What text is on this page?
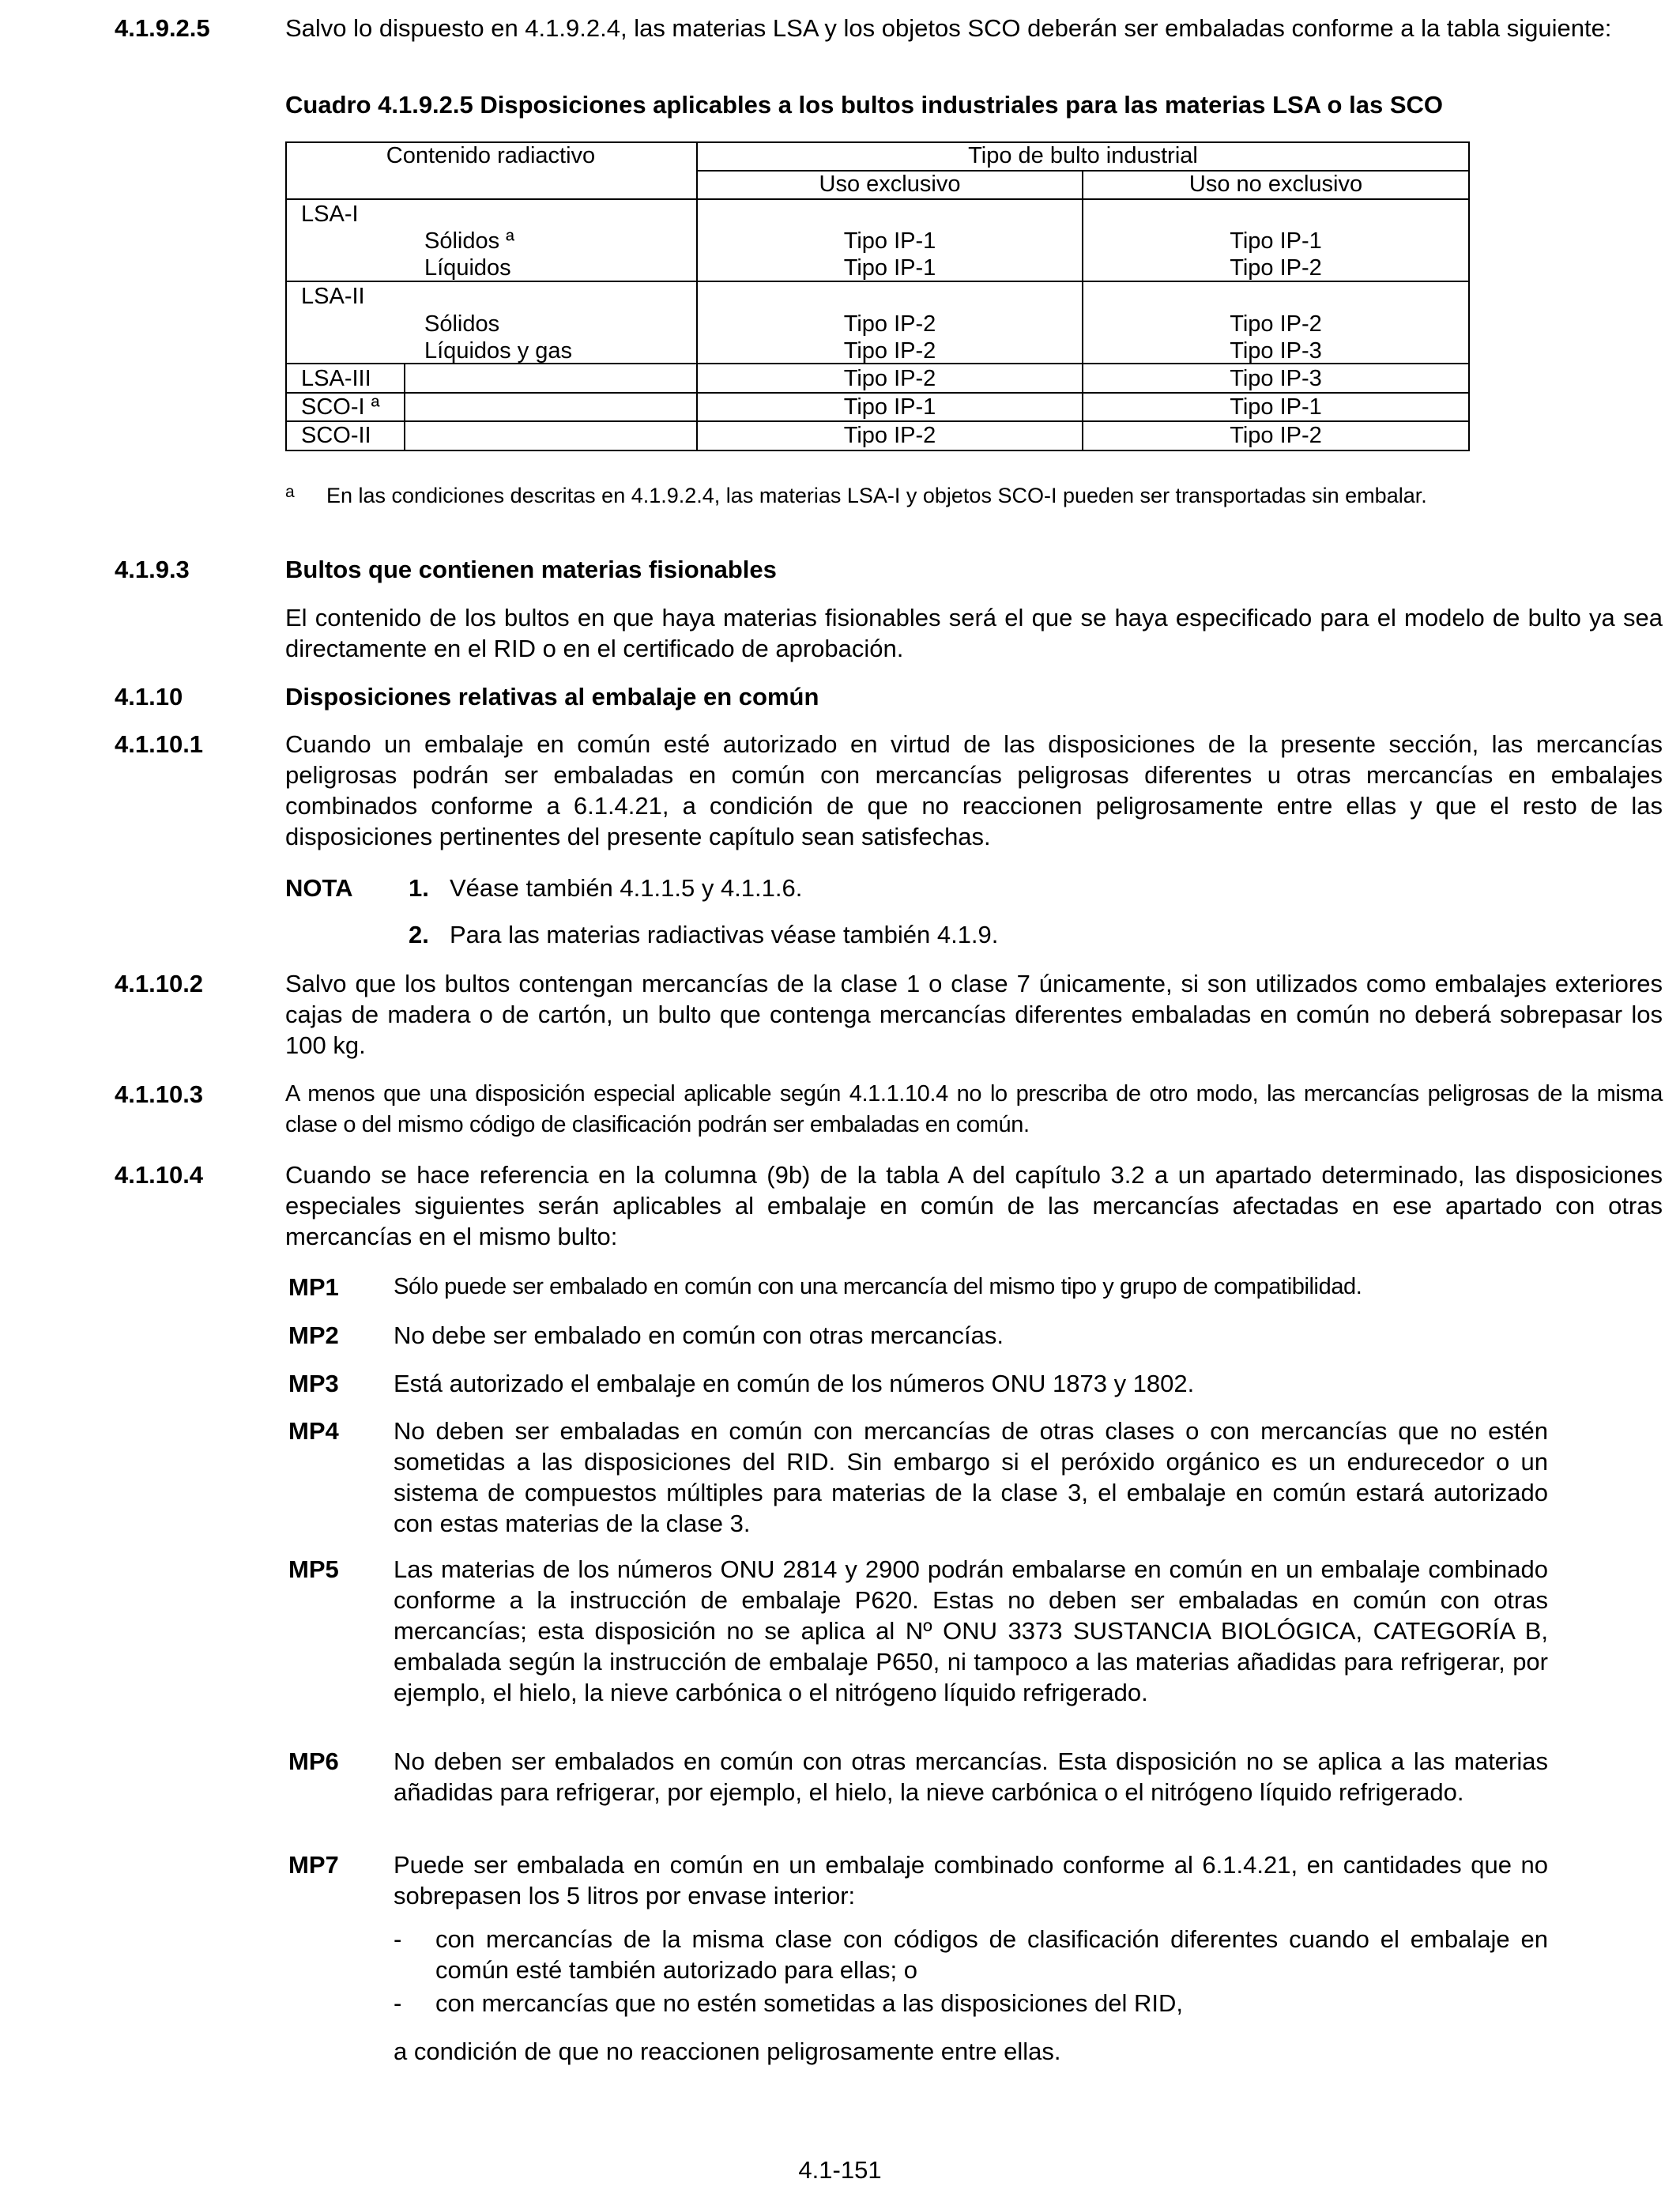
4.1.9.2.5	Salvo lo dispuesto en 4.1.9.2.4, las materias LSA y los objetos SCO deberán ser embaladas conforme a la tabla siguiente:
Cuadro 4.1.9.2.5 Disposiciones aplicables a los bultos industriales para las materias LSA o las SCO
Contenido radiactivo	Tipo de bulto industrial
Uso exclusivo	Uso no exclusivo
LSA-I
Sólidos ª	Tipo IP-1	Tipo IP-1
Líquidos	Tipo IP-1	Tipo IP-2
LSA-II
Sólidos	Tipo IP-2	Tipo IP-2
Líquidos y gas	Tipo IP-2	Tipo IP-3
LSA-III	Tipo IP-2	Tipo IP-3
SCO-I ª	Tipo IP-1	Tipo IP-1
SCO-II	Tipo IP-2	Tipo IP-2
a En las condiciones descritas en 4.1.9.2.4, las materias LSA-I y objetos SCO-I pueden ser transportadas sin embalar.
4.1.9.3	Bultos que contienen materias fisionables
El contenido de los bultos en que haya materias fisionables será el que se haya especificado para el modelo de bulto ya sea directamente en el RID o en el certificado de aprobación.
4.1.10	Disposiciones relativas al embalaje en común
4.1.10.1	Cuando un embalaje en común esté autorizado en virtud de las disposiciones de la presente sección, las mercancías peligrosas podrán ser embaladas en común con mercancías peligrosas diferentes u otras mercancías en embalajes combinados conforme a 6.1.4.21, a condición de que no reaccionen peligrosamente entre ellas y que el resto de las disposiciones pertinentes del presente capítulo sean satisfechas.
NOTA 1. Véase también 4.1.1.5 y 4.1.1.6.
2. Para las materias radiactivas véase también 4.1.9.
4.1.10.2	Salvo que los bultos contengan mercancías de la clase 1 o clase 7 únicamente, si son utilizados como embalajes exteriores cajas de madera o de cartón, un bulto que contenga mercancías diferentes embaladas en común no deberá sobrepasar los 100 kg.
4.1.10.3	A menos que una disposición especial aplicable según 4.1.1.10.4 no lo prescriba de otro modo, las mercancías peligrosas de la misma clase o del mismo código de clasificación podrán ser embaladas en común.
4.1.10.4	Cuando se hace referencia en la columna (9b) de la tabla A del capítulo 3.2 a un apartado determinado, las disposiciones especiales siguientes serán aplicables al embalaje en común de las mercancías afectadas en ese apartado con otras mercancías en el mismo bulto:
MP1 Sólo puede ser embalado en común con una mercancía del mismo tipo y grupo de compatibilidad.
MP2 No debe ser embalado en común con otras mercancías.
MP3 Está autorizado el embalaje en común de los números ONU 1873 y 1802.
MP4 No deben ser embaladas en común con mercancías de otras clases o con mercancías que no estén sometidas a las disposiciones del RID. Sin embargo si el peróxido orgánico es un endurecedor o un sistema de compuestos múltiples para materias de la clase 3, el embalaje en común estará autorizado con estas materias de la clase 3.
MP5 Las materias de los números ONU 2814 y 2900 podrán embalarse en común en un embalaje combinado conforme a la instrucción de embalaje P620. Estas no deben ser embaladas en común con otras mercancías; esta disposición no se aplica al Nº ONU 3373 SUSTANCIA BIOLÓGICA, CATEGORÍA B, embalada según la instrucción de embalaje P650, ni tampoco a las materias añadidas para refrigerar, por ejemplo, el hielo, la nieve carbónica o el nitrógeno líquido refrigerado.
MP6 No deben ser embalados en común con otras mercancías. Esta disposición no se aplica a las materias añadidas para refrigerar, por ejemplo, el hielo, la nieve carbónica o el nitrógeno líquido refrigerado.
MP7 Puede ser embalada en común en un embalaje combinado conforme al 6.1.4.21, en cantidades que no sobrepasen los 5 litros por envase interior:
- con mercancías de la misma clase con códigos de clasificación diferentes cuando el embalaje en común esté también autorizado para ellas; o
- con mercancías que no estén sometidas a las disposiciones del RID,
a condición de que no reaccionen peligrosamente entre ellas.
4.1-151
